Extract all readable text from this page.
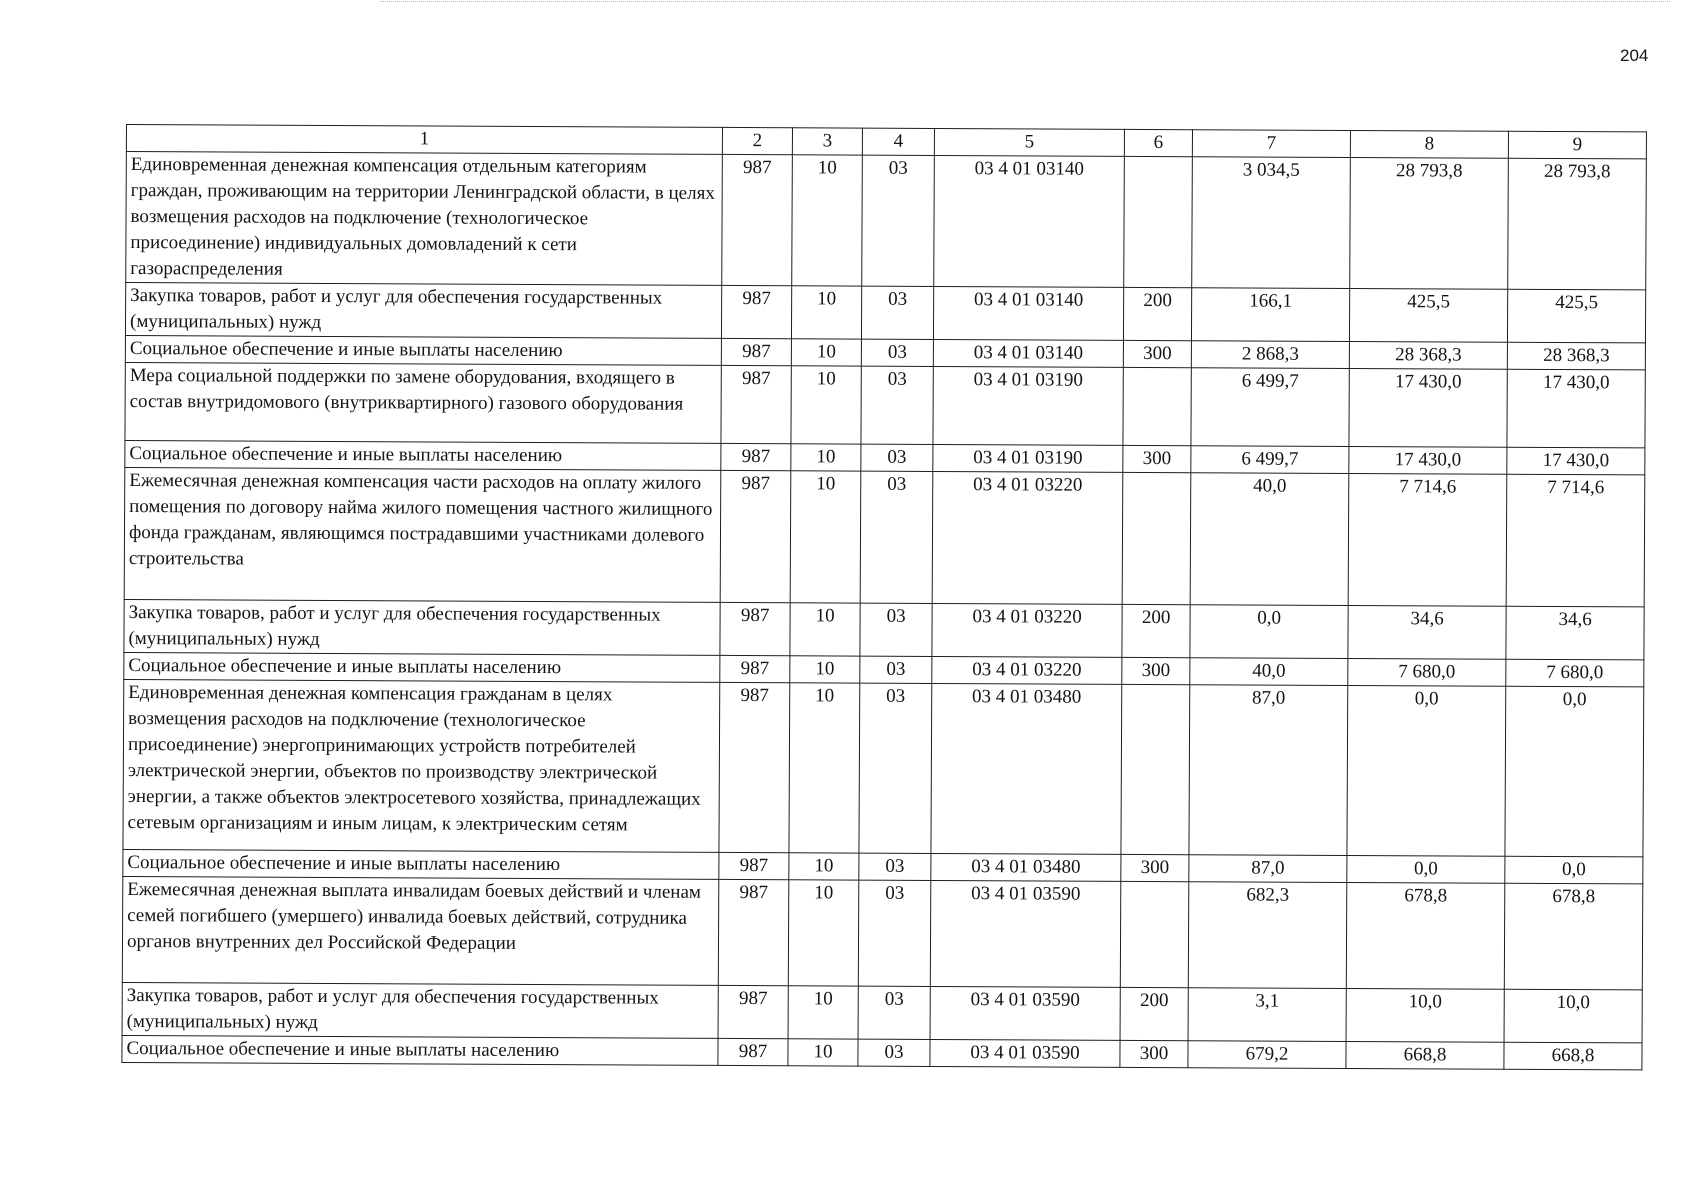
204
1	2	3	4	5	6	7	8	9
Единовременная денежная компенсация отдельным категориям граждан, проживающим на территории Ленинградской области, в целях возмещения расходов на подключение (технологическое присоединение) индивидуальных домовладений к сети газораспределения	987	10	03	03 4 01 03140		3 034,5	28 793,8	28 793,8
Закупка товаров, работ и услуг для обеспечения государственных (муниципальных) нужд	987	10	03	03 4 01 03140	200	166,1	425,5	425,5
Социальное обеспечение и иные выплаты населению	987	10	03	03 4 01 03140	300	2 868,3	28 368,3	28 368,3
Мера социальной поддержки по замене оборудования, входящего в состав внутридомового (внутриквартирного) газового оборудования	987	10	03	03 4 01 03190		6 499,7	17 430,0	17 430,0
Социальное обеспечение и иные выплаты населению	987	10	03	03 4 01 03190	300	6 499,7	17 430,0	17 430,0
Ежемесячная денежная компенсация части расходов на оплату жилого помещения по договору найма жилого помещения частного жилищного фонда гражданам, являющимся пострадавшими участниками долевого строительства	987	10	03	03 4 01 03220		40,0	7 714,6	7 714,6
Закупка товаров, работ и услуг для обеспечения государственных (муниципальных) нужд	987	10	03	03 4 01 03220	200	0,0	34,6	34,6
Социальное обеспечение и иные выплаты населению	987	10	03	03 4 01 03220	300	40,0	7 680,0	7 680,0
Единовременная денежная компенсация гражданам в целях возмещения расходов на подключение (технологическое присоединение) энергопринимающих устройств потребителей электрической энергии, объектов по производству электрической энергии, а также объектов электросетевого хозяйства, принадлежащих сетевым организациям и иным лицам, к электрическим сетям	987	10	03	03 4 01 03480		87,0	0,0	0,0
Социальное обеспечение и иные выплаты населению	987	10	03	03 4 01 03480	300	87,0	0,0	0,0
Ежемесячная денежная выплата инвалидам боевых действий и членам семей погибшего (умершего) инвалида боевых действий, сотрудника органов внутренних дел Российской Федерации	987	10	03	03 4 01 03590		682,3	678,8	678,8
Закупка товаров, работ и услуг для обеспечения государственных (муниципальных) нужд	987	10	03	03 4 01 03590	200	3,1	10,0	10,0
Социальное обеспечение и иные выплаты населению	987	10	03	03 4 01 03590	300	679,2	668,8	668,8
